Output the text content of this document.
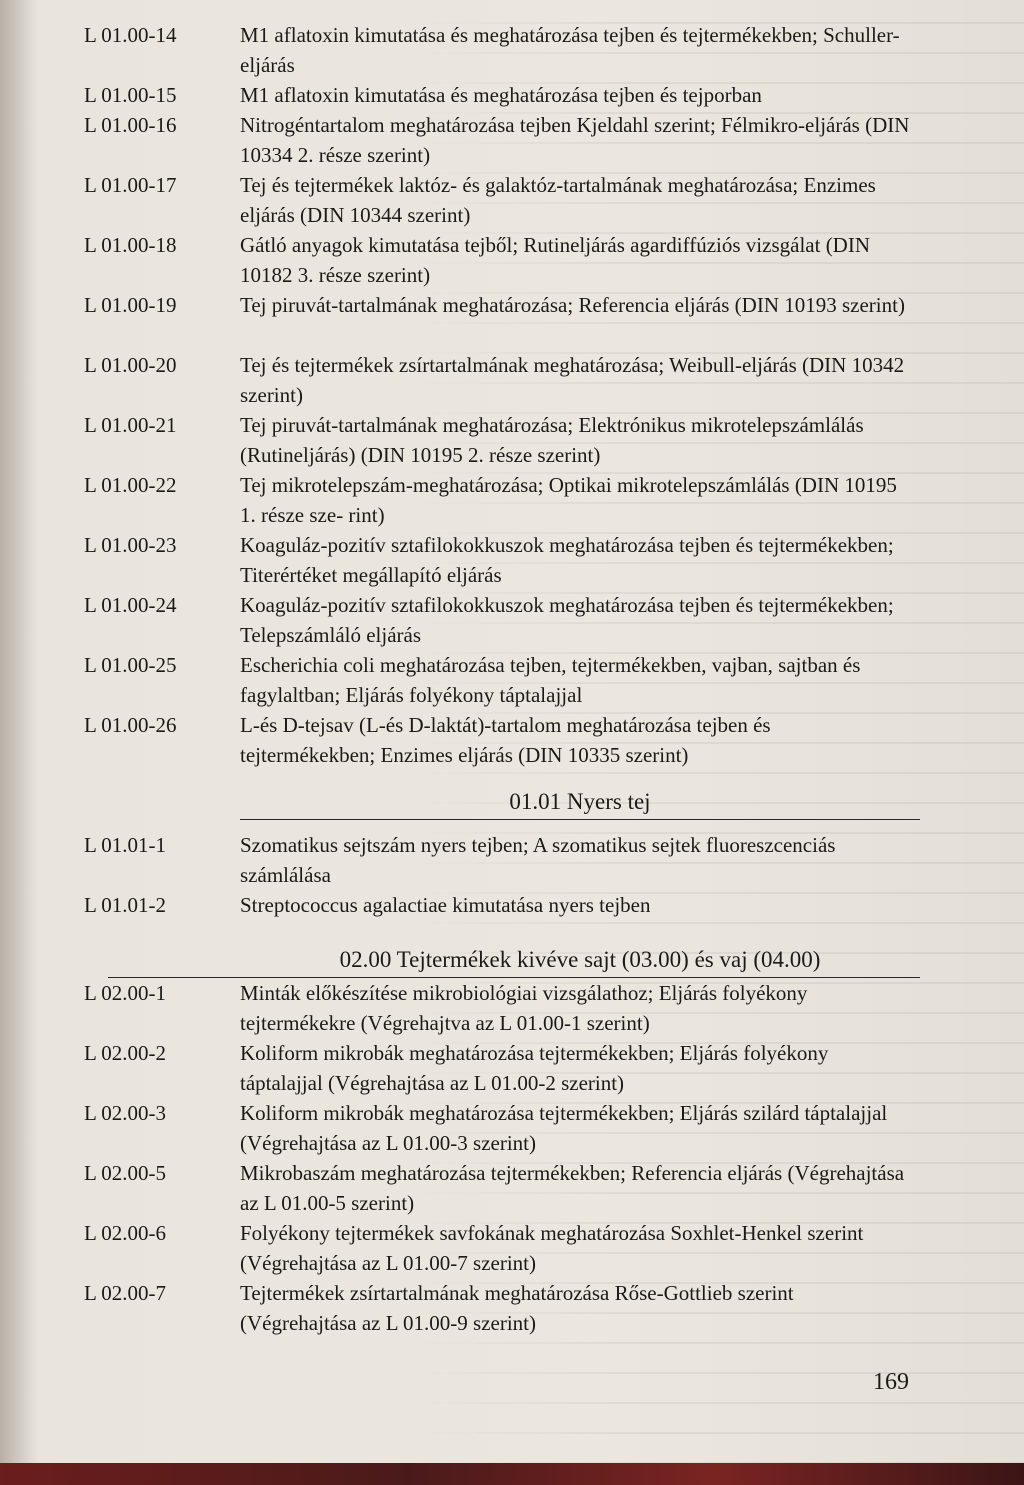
L 01.00-14	M1 aflatoxin kimutatása és meghatározása tejben és tejtermékekben; Schuller-eljárás
L 01.00-15	M1 aflatoxin kimutatása és meghatározása tejben és tejporban
L 01.00-16	Nitrogéntartalom meghatározása tejben Kjeldahl szerint; Félmikro-eljárás (DIN 10334 2. része szerint)
L 01.00-17	Tej és tejtermékek laktóz- és galaktóz-tartalmának meghatározása; Enzimes eljárás (DIN 10344 szerint)
L 01.00-18	Gátló anyagok kimutatása tejből; Rutineljárás agardiffúziós vizsgálat (DIN 10182 3. része szerint)
L 01.00-19	Tej piruvát-tartalmának meghatározása; Referencia eljárás (DIN 10193 szerint)
L 01.00-20	Tej és tejtermékek zsírtartalmának meghatározása; Weibull-eljárás (DIN 10342 szerint)
L 01.00-21	Tej piruvát-tartalmának meghatározása; Elektrónikus mikrotelepszámlálás (Rutineljárás) (DIN 10195 2. része szerint)
L 01.00-22	Tej mikrotelepszám-meghatározása; Optikai mikrotelepszámlálás (DIN 10195 1. része sze- rint)
L 01.00-23	Koaguláz-pozitív sztafilokokkuszok meghatározása tejben és tejtermékekben; Titerértéket megállapító eljárás
L 01.00-24	Koaguláz-pozitív sztafilokokkuszok meghatározása tejben és tejtermékekben; Telepszámláló eljárás
L 01.00-25	Escherichia coli meghatározása tejben, tejtermékekben, vajban, sajtban és fagylaltban; Eljárás folyékony táptalajjal
L 01.00-26	L-és D-tejsav (L-és D-laktát)-tartalom meghatározása tejben és tejtermékekben; Enzimes eljárás (DIN 10335 szerint)
01.01 Nyers tej
L 01.01-1	Szomatikus sejtszám nyers tejben; A szomatikus sejtek fluoreszcenciás számlálása
L 01.01-2	Streptococcus agalactiae kimutatása nyers tejben
02.00 Tejtermékek kivéve sajt (03.00) és vaj (04.00)
L 02.00-1	Minták előkészítése mikrobiológiai vizsgálathoz; Eljárás folyékony tejtermékekre (Végrehajtva az L 01.00-1 szerint)
L 02.00-2	Koliform mikrobák meghatározása tejtermékekben; Eljárás folyékony táptalajjal (Végrehajtása az L 01.00-2 szerint)
L 02.00-3	Koliform mikrobák meghatározása tejtermékekben; Eljárás szilárd táptalajjal (Végrehajtása az L 01.00-3 szerint)
L 02.00-5	Mikrobaszám meghatározása tejtermékekben; Referencia eljárás (Végrehajtása az L 01.00-5 szerint)
L 02.00-6	Folyékony tejtermékek savfokának meghatározása Soxhlet-Henkel szerint (Végrehajtása az L 01.00-7 szerint)
L 02.00-7	Tejtermékek zsírtartalmának meghatározása Rőse-Gottlieb szerint (Végrehajtása az L 01.00-9 szerint)
169
